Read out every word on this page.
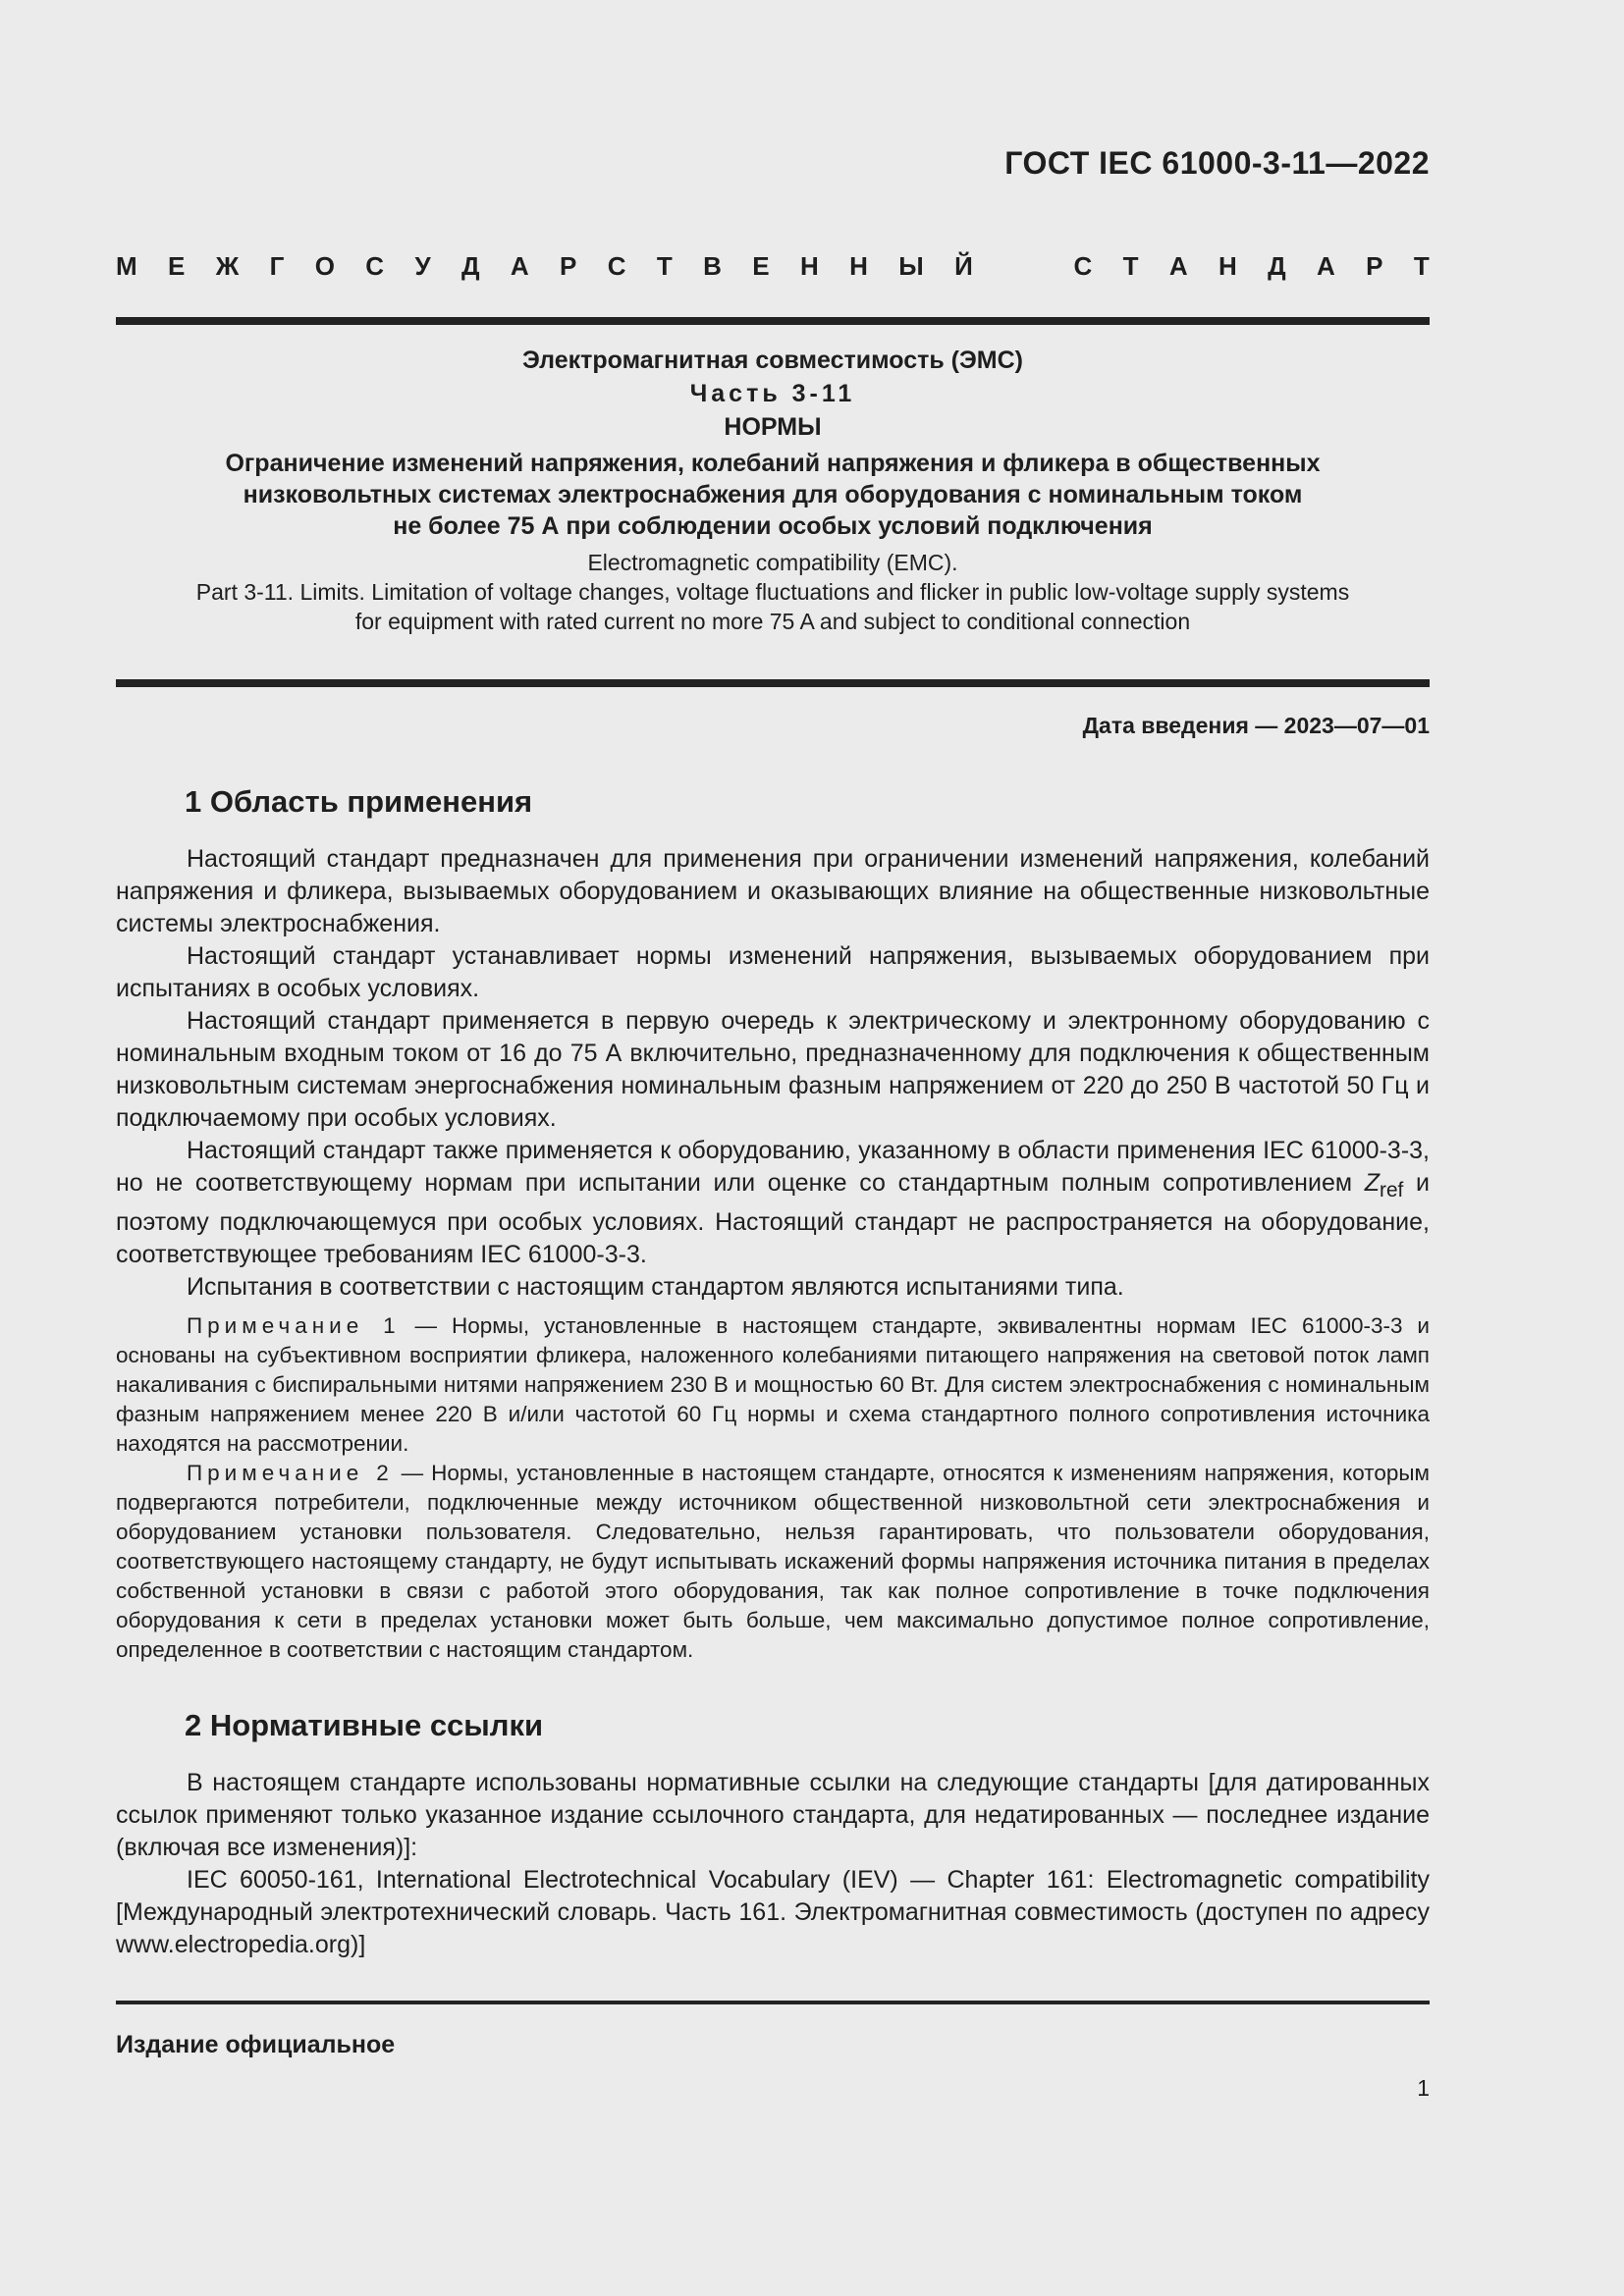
ГОСТ IEC 61000-3-11—2022
М Е Ж Г О С У Д А Р С Т В Е Н Н Ы Й	С Т А Н Д А Р Т
Электромагнитная совместимость (ЭМС)
Часть 3-11
НОРМЫ
Ограничение изменений напряжения, колебаний напряжения и фликера в общественных
низковольтных системах электроснабжения для оборудования с номинальным током
не более 75 А при соблюдении особых условий подключения
Electromagnetic compatibility (EMC).
Part 3-11. Limits. Limitation of voltage changes, voltage fluctuations and flicker in public low-voltage supply systems
for equipment with rated current no more 75 A and subject to conditional connection
Дата введения — 2023—07—01
1 Область применения

Настоящий стандарт предназначен для применения при ограничении изменений напряжения, колебаний напряжения и фликера, вызываемых оборудованием и оказывающих влияние на общественные низковольтные системы электроснабжения.

Настоящий стандарт устанавливает нормы изменений напряжения, вызываемых оборудованием при испытаниях в особых условиях.

Настоящий стандарт применяется в первую очередь к электрическому и электронному оборудованию с номинальным входным током от 16 до 75 А включительно, предназначенному для подключения к общественным низковольтным системам энергоснабжения номинальным фазным напряжением от 220 до 250 В частотой 50 Гц и подключаемому при особых условиях.

Настоящий стандарт также применяется к оборудованию, указанному в области применения IEC 61000-3-3, но не соответствующему нормам при испытании или оценке со стандартным полным сопротивлением $Z_{ref}$ и поэтому подключающемуся при особых условиях. Настоящий стандарт не распространяется на оборудование, соответствующее требованиям IEC 61000-3-3.

Испытания в соответствии с настоящим стандартом являются испытаниями типа.

Примечание 1 — Нормы, установленные в настоящем стандарте, эквивалентны нормам IEC 61000-3-3 и основаны на субъективном восприятии фликера, наложенного колебаниями питающего напряжения на световой поток ламп накаливания с биспиральными нитями напряжением 230 В и мощностью 60 Вт. Для систем электроснабжения с номинальным фазным напряжением менее 220 В и/или частотой 60 Гц нормы и схема стандартного полного сопротивления источника находятся на рассмотрении.

Примечание 2 — Нормы, установленные в настоящем стандарте, относятся к изменениям напряжения, которым подвергаются потребители, подключенные между источником общественной низковольтной сети электроснабжения и оборудованием установки пользователя. Следовательно, нельзя гарантировать, что пользователи оборудования, соответствующего настоящему стандарту, не будут испытывать искажений формы напряжения источника питания в пределах собственной установки в связи с работой этого оборудования, так как полное сопротивление в точке подключения оборудования к сети в пределах установки может быть больше, чем максимально допустимое полное сопротивление, определенное в соответствии с настоящим стандартом.

2 Нормативные ссылки

В настоящем стандарте использованы нормативные ссылки на следующие стандарты [для датированных ссылок применяют только указанное издание ссылочного стандарта, для недатированных — последнее издание (включая все изменения)]:

IEC 60050-161, International Electrotechnical Vocabulary (IEV) — Chapter 161: Electromagnetic compatibility [Международный электротехнический словарь. Часть 161. Электромагнитная совместимость (доступен по адресу www.electropedia.org)]

Издание официальное
1
